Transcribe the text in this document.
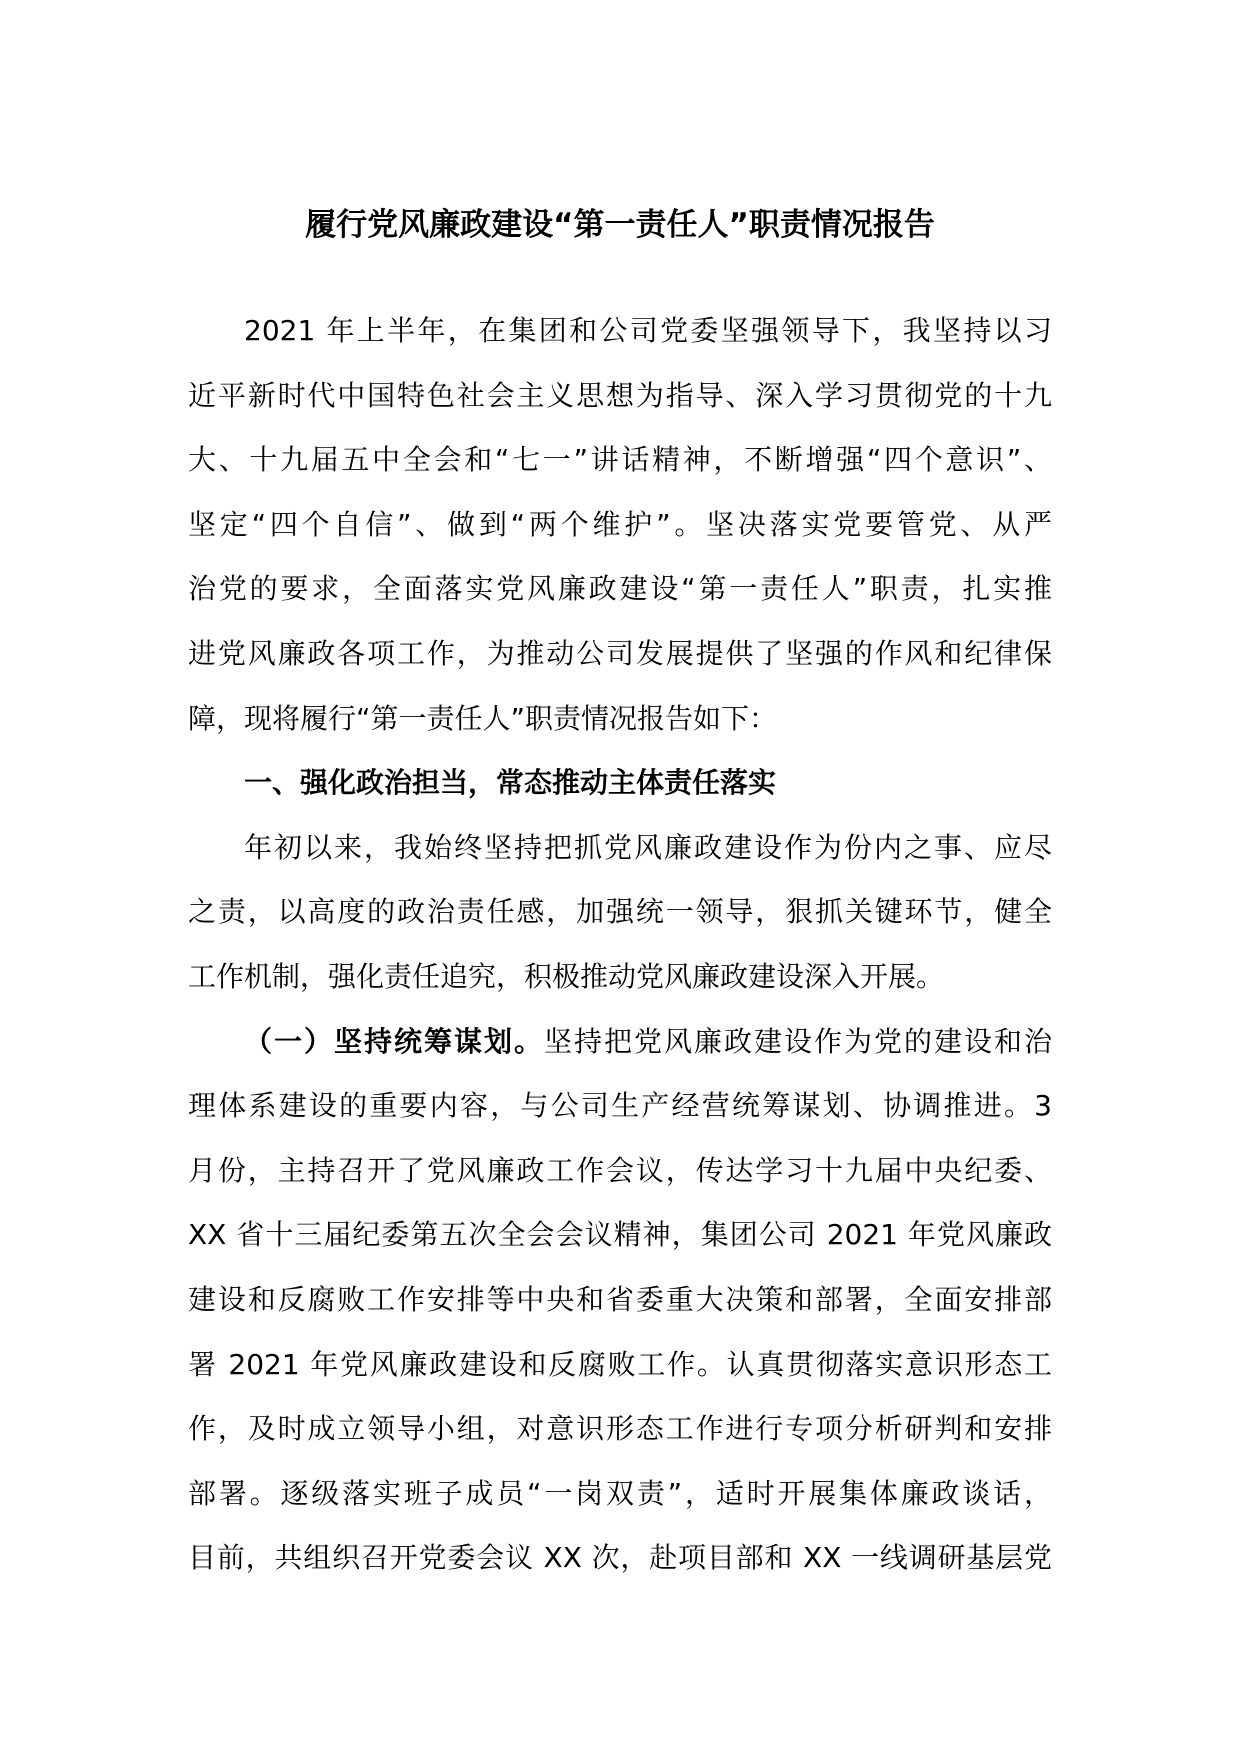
履行党风廉政建设“第一责任人”职责情况报告
2021 年上半年，在集团和公司党委坚强领导下，我坚持以习
近平新时代中国特色社会主义思想为指导、深入学习贯彻党的十九
大、十九届五中全会和“七一”讲话精神，不断增强“四个意识”、
坚定“四个自信”、做到“两个维护”。坚决落实党要管党、从严
治党的要求，全面落实党风廉政建设“第一责任人”职责，扎实推
进党风廉政各项工作，为推动公司发展提供了坚强的作风和纪律保
障，现将履行“第一责任人”职责情况报告如下：
一、强化政治担当，常态推动主体责任落实
年初以来，我始终坚持把抓党风廉政建设作为份内之事、应尽
之责，以高度的政治责任感，加强统一领导，狠抓关键环节，健全
工作机制，强化责任追究，积极推动党风廉政建设深入开展。
（一）坚持统筹谋划。坚持把党风廉政建设作为党的建设和治
理体系建设的重要内容，与公司生产经营统筹谋划、协调推进。3
月份，主持召开了党风廉政工作会议，传达学习十九届中央纪委、
XX 省十三届纪委第五次全会会议精神，集团公司 2021 年党风廉政
建设和反腐败工作安排等中央和省委重大决策和部署，全面安排部
署 2021 年党风廉政建设和反腐败工作。认真贯彻落实意识形态工
作，及时成立领导小组，对意识形态工作进行专项分析研判和安排
部署。逐级落实班子成员“一岗双责”，适时开展集体廉政谈话，
目前，共组织召开党委会议 XX 次，赴项目部和 XX 一线调研基层党
